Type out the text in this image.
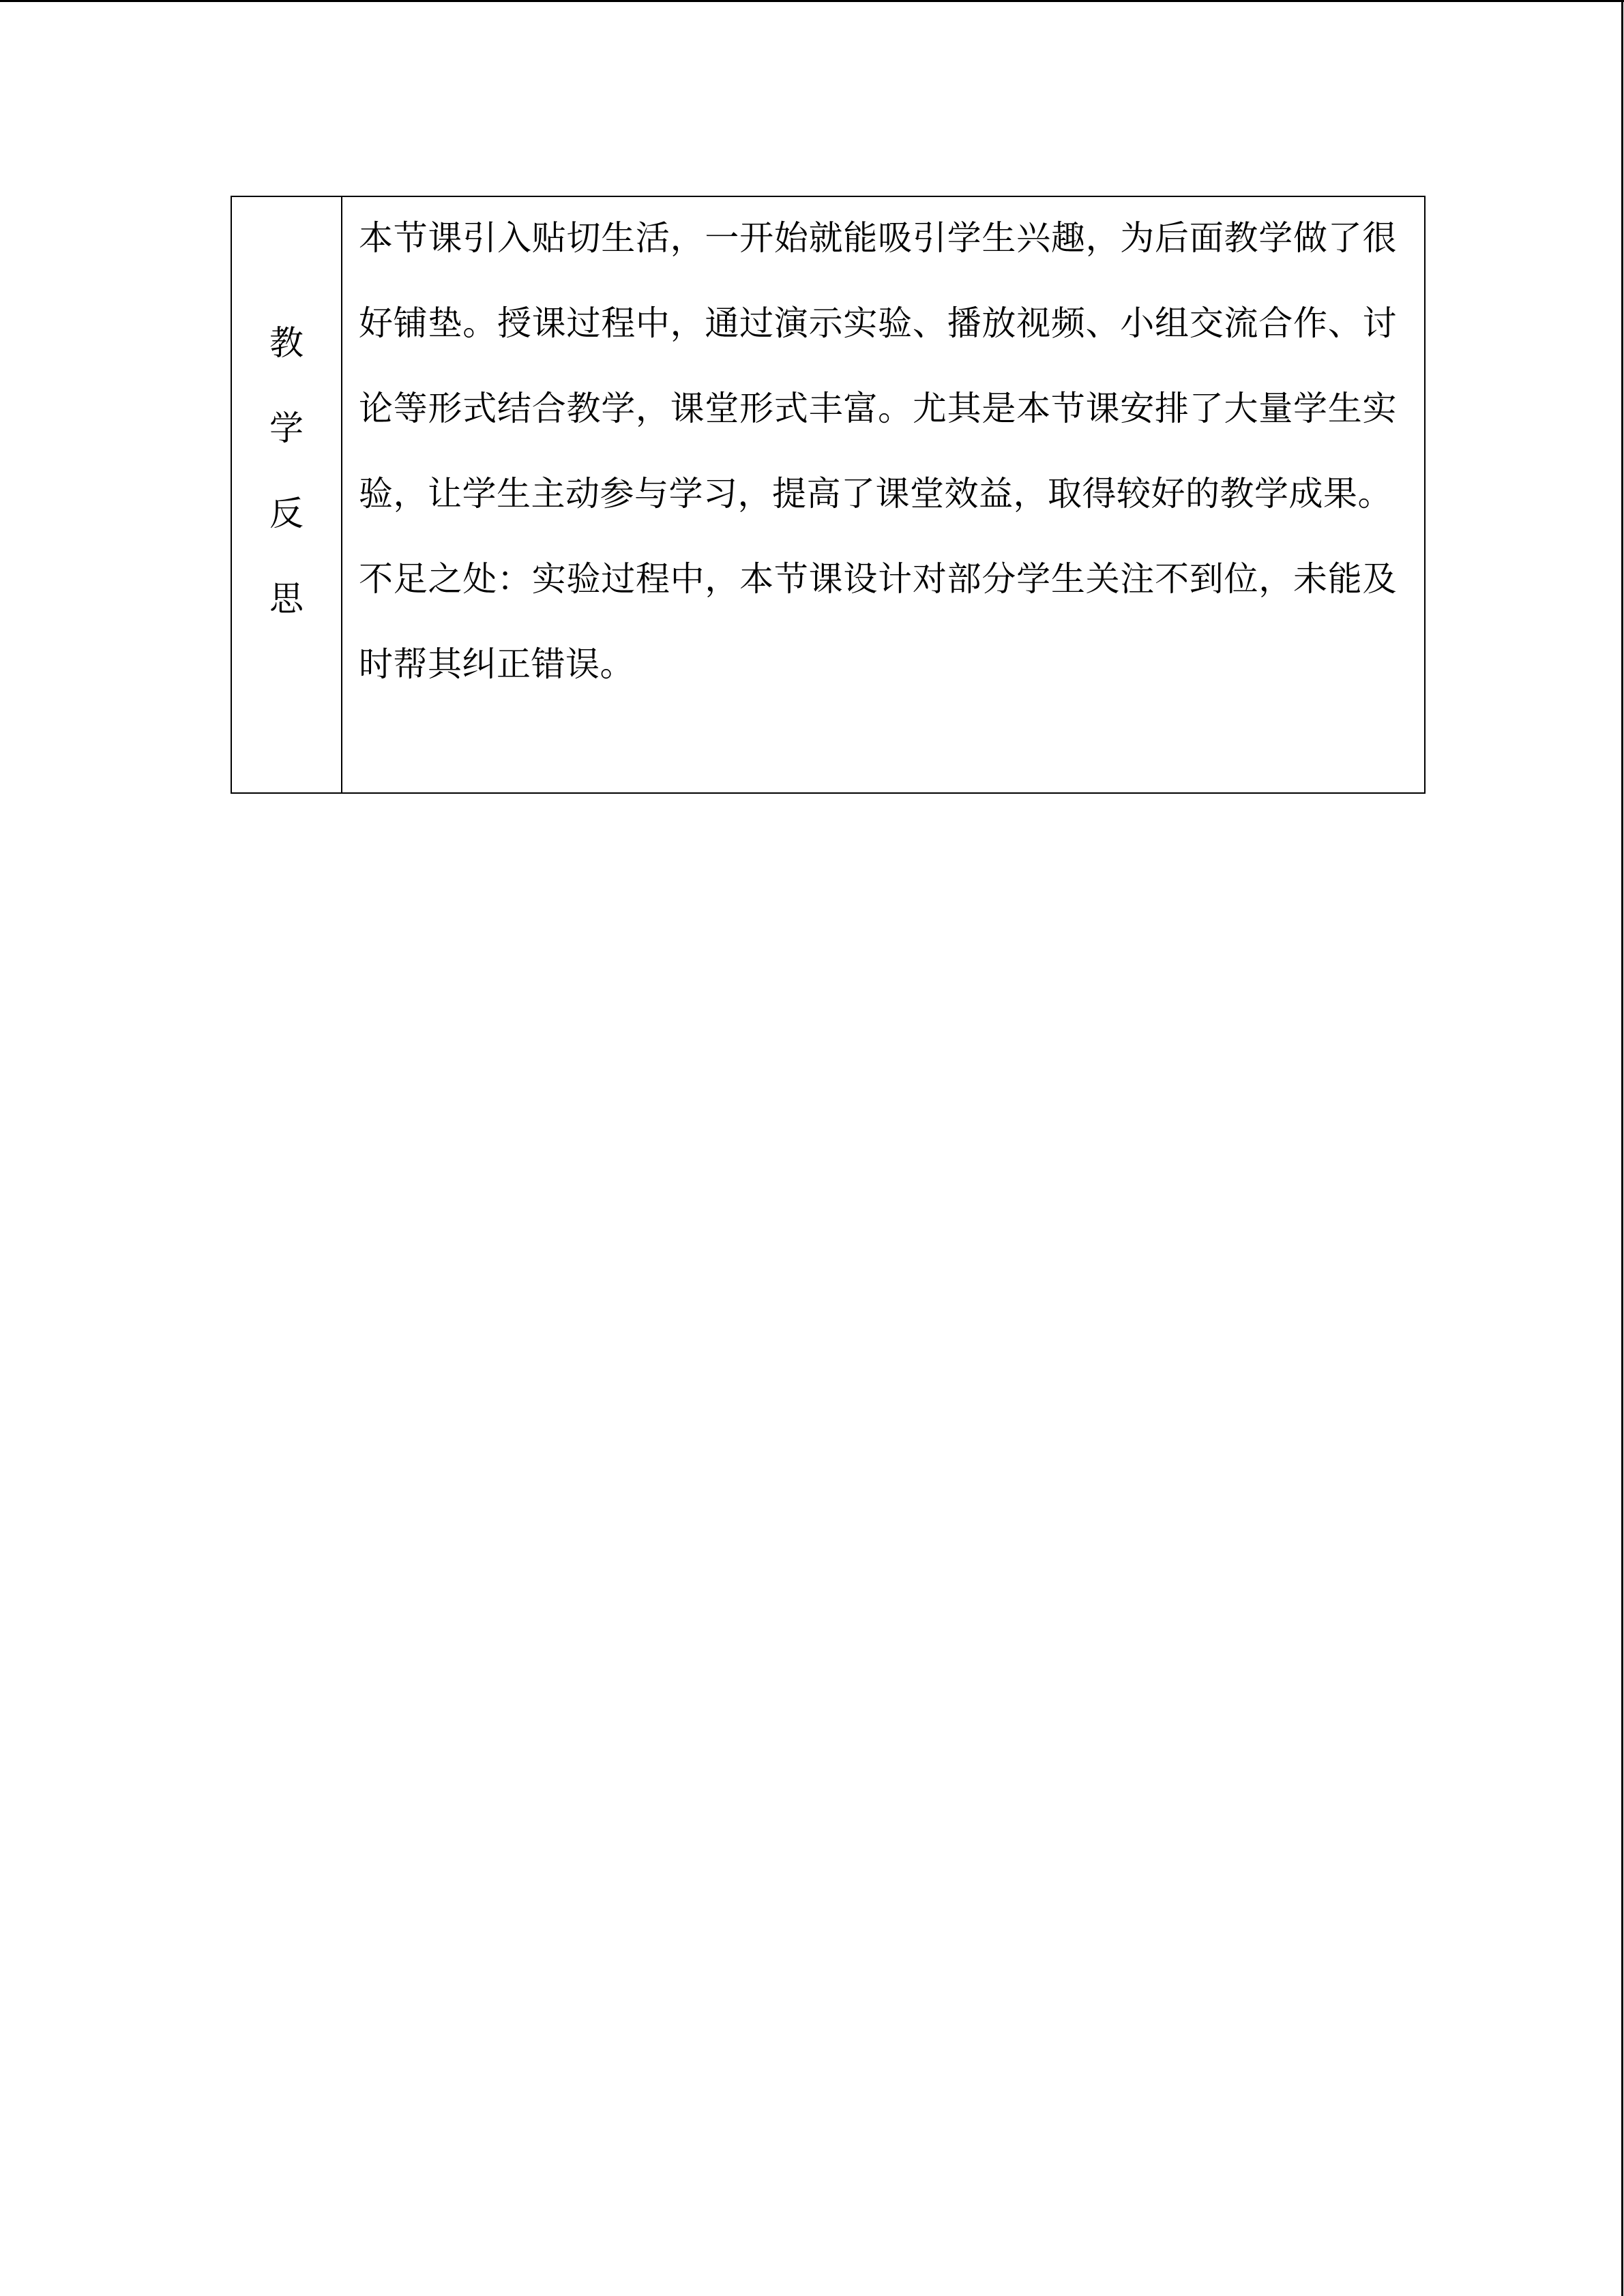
教
学
反
思

本节课引入贴切生活，一开始就能吸引学生兴趣，为后面教学做了很好铺垫。授课过程中，通过演示实验、播放视频、小组交流合作、讨论等形式结合教学，课堂形式丰富。尤其是本节课安排了大量学生实验，让学生主动参与学习，提高了课堂效益，取得较好的教学成果。

不足之处：实验过程中，本节课设计对部分学生关注不到位，未能及时帮其纠正错误。
